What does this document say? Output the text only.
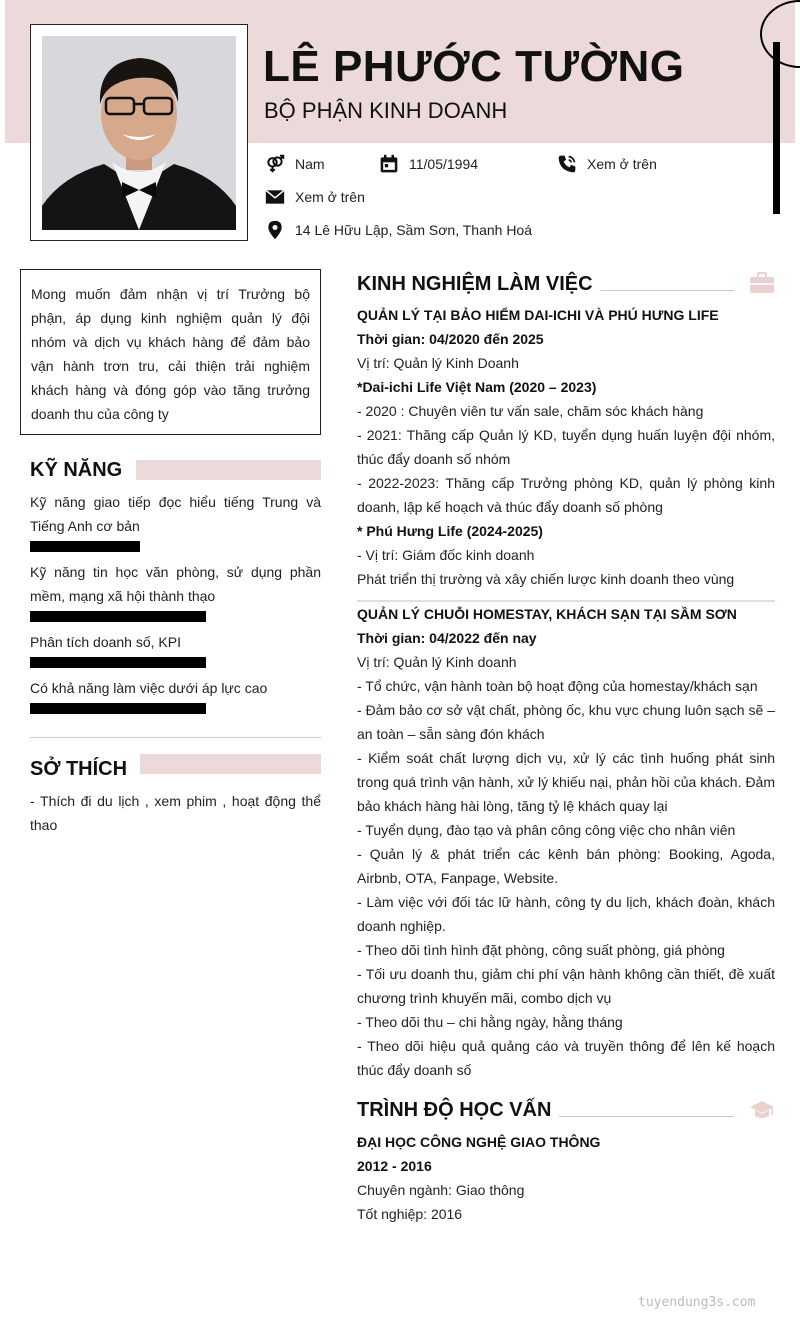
LÊ PHƯỚC TƯỜNG
BỘ PHẬN KINH DOANH
Nam	11/05/1994	Xem ở trên
Xem ở trên
14 Lê Hữu Lập, Sầm Sơn, Thanh Hoá
Mong muốn đảm nhận vị trí Trưởng bộ phận, áp dụng kinh nghiệm quản lý đội nhóm và dịch vụ khách hàng để đảm bảo vận hành trơn tru, cải thiện trải nghiệm khách hàng và đóng góp vào tăng trưởng doanh thu của công ty
KỸ NĂNG
Kỹ năng giao tiếp đọc hiểu tiếng Trung và Tiếng Anh cơ bản
Kỹ năng tin học văn phòng, sử dụng phần mềm, mạng xã hội thành thạo
Phân tích doanh số, KPI
Có khả năng làm việc dưới áp lực cao
SỞ THÍCH
- Thích đi du lịch , xem phim , hoạt động thể thao
KINH NGHIỆM LÀM VIỆC
QUẢN LÝ TẠI BẢO HIỂM DAI-ICHI VÀ PHÚ HƯNG LIFE
Thời gian: 04/2020 đến 2025
Vị trí: Quản lý Kinh Doanh
*Dai-ichi Life Việt Nam (2020 – 2023)
- 2020 : Chuyên viên tư vấn sale, chăm sóc khách hàng
- 2021: Thăng cấp Quản lý KD, tuyển dụng huấn luyện đội nhóm, thúc đẩy doanh số nhóm
- 2022-2023: Thăng cấp Trưởng phòng KD, quản lý phòng kinh doanh, lập kế hoạch và thúc đẩy doanh số phòng
* Phú Hưng Life (2024-2025)
- Vị trí: Giám đốc kinh doanh
Phát triển thị trường và xây chiến lược kinh doanh theo vùng
QUẢN LÝ CHUỖI HOMESTAY, KHÁCH SẠN TẠI SẦM SƠN
Thời gian: 04/2022 đến nay
Vị trí: Quản lý Kinh doanh
- Tổ chức, vận hành toàn bộ hoạt động của homestay/khách sạn
- Đảm bảo cơ sở vật chất, phòng ốc, khu vực chung luôn sạch sẽ – an toàn – sẵn sàng đón khách
- Kiểm soát chất lượng dịch vụ, xử lý các tình huống phát sinh trong quá trình vận hành, xử lý khiếu nại, phản hồi của khách. Đảm bảo khách hàng hài lòng, tăng tỷ lệ khách quay lại
- Tuyển dụng, đào tạo và phân công công việc cho nhân viên
- Quản lý & phát triển các kênh bán phòng: Booking, Agoda, Airbnb, OTA, Fanpage, Website.
- Làm việc với đối tác lữ hành, công ty du lịch, khách đoàn, khách doanh nghiệp.
- Theo dõi tình hình đặt phòng, công suất phòng, giá phòng
- Tối ưu doanh thu, giảm chi phí vận hành không cần thiết, đề xuất chương trình khuyến mãi, combo dịch vụ
- Theo dõi thu – chi hằng ngày, hằng tháng
- Theo dõi hiệu quả quảng cáo và truyền thông để lên kế hoạch thúc đẩy doanh số
TRÌNH ĐỘ HỌC VẤN
ĐẠI HỌC CÔNG NGHỆ GIAO THÔNG
2012 - 2016
Chuyên ngành: Giao thông
Tốt nghiệp: 2016
tuyendung3s.com
